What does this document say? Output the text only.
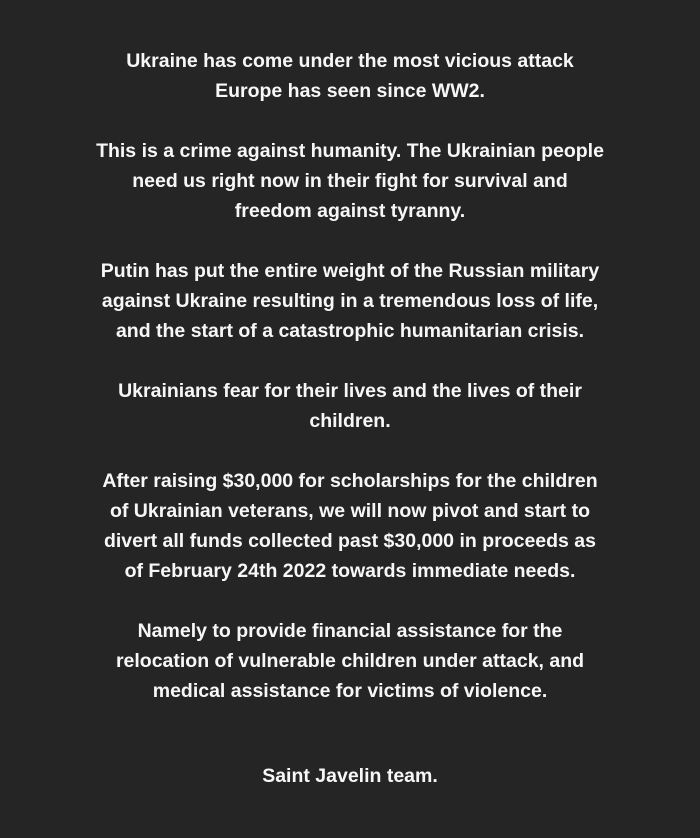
Ukraine has come under the most vicious attack
Europe has seen since WW2.

This is a crime against humanity. The Ukrainian people
need us right now in their fight for survival and
freedom against tyranny.

Putin has put the entire weight of the Russian military
against Ukraine resulting in a tremendous loss of life,
and the start of a catastrophic humanitarian crisis.

Ukrainians fear for their lives and the lives of their
children.

After raising $30,000 for scholarships for the children
of Ukrainian veterans, we will now pivot and start to
divert all funds collected past $30,000 in proceeds as
of February 24th 2022 towards immediate needs.

Namely to provide financial assistance for the
relocation of vulnerable children under attack, and
medical assistance for victims of violence.

Saint Javelin team.
